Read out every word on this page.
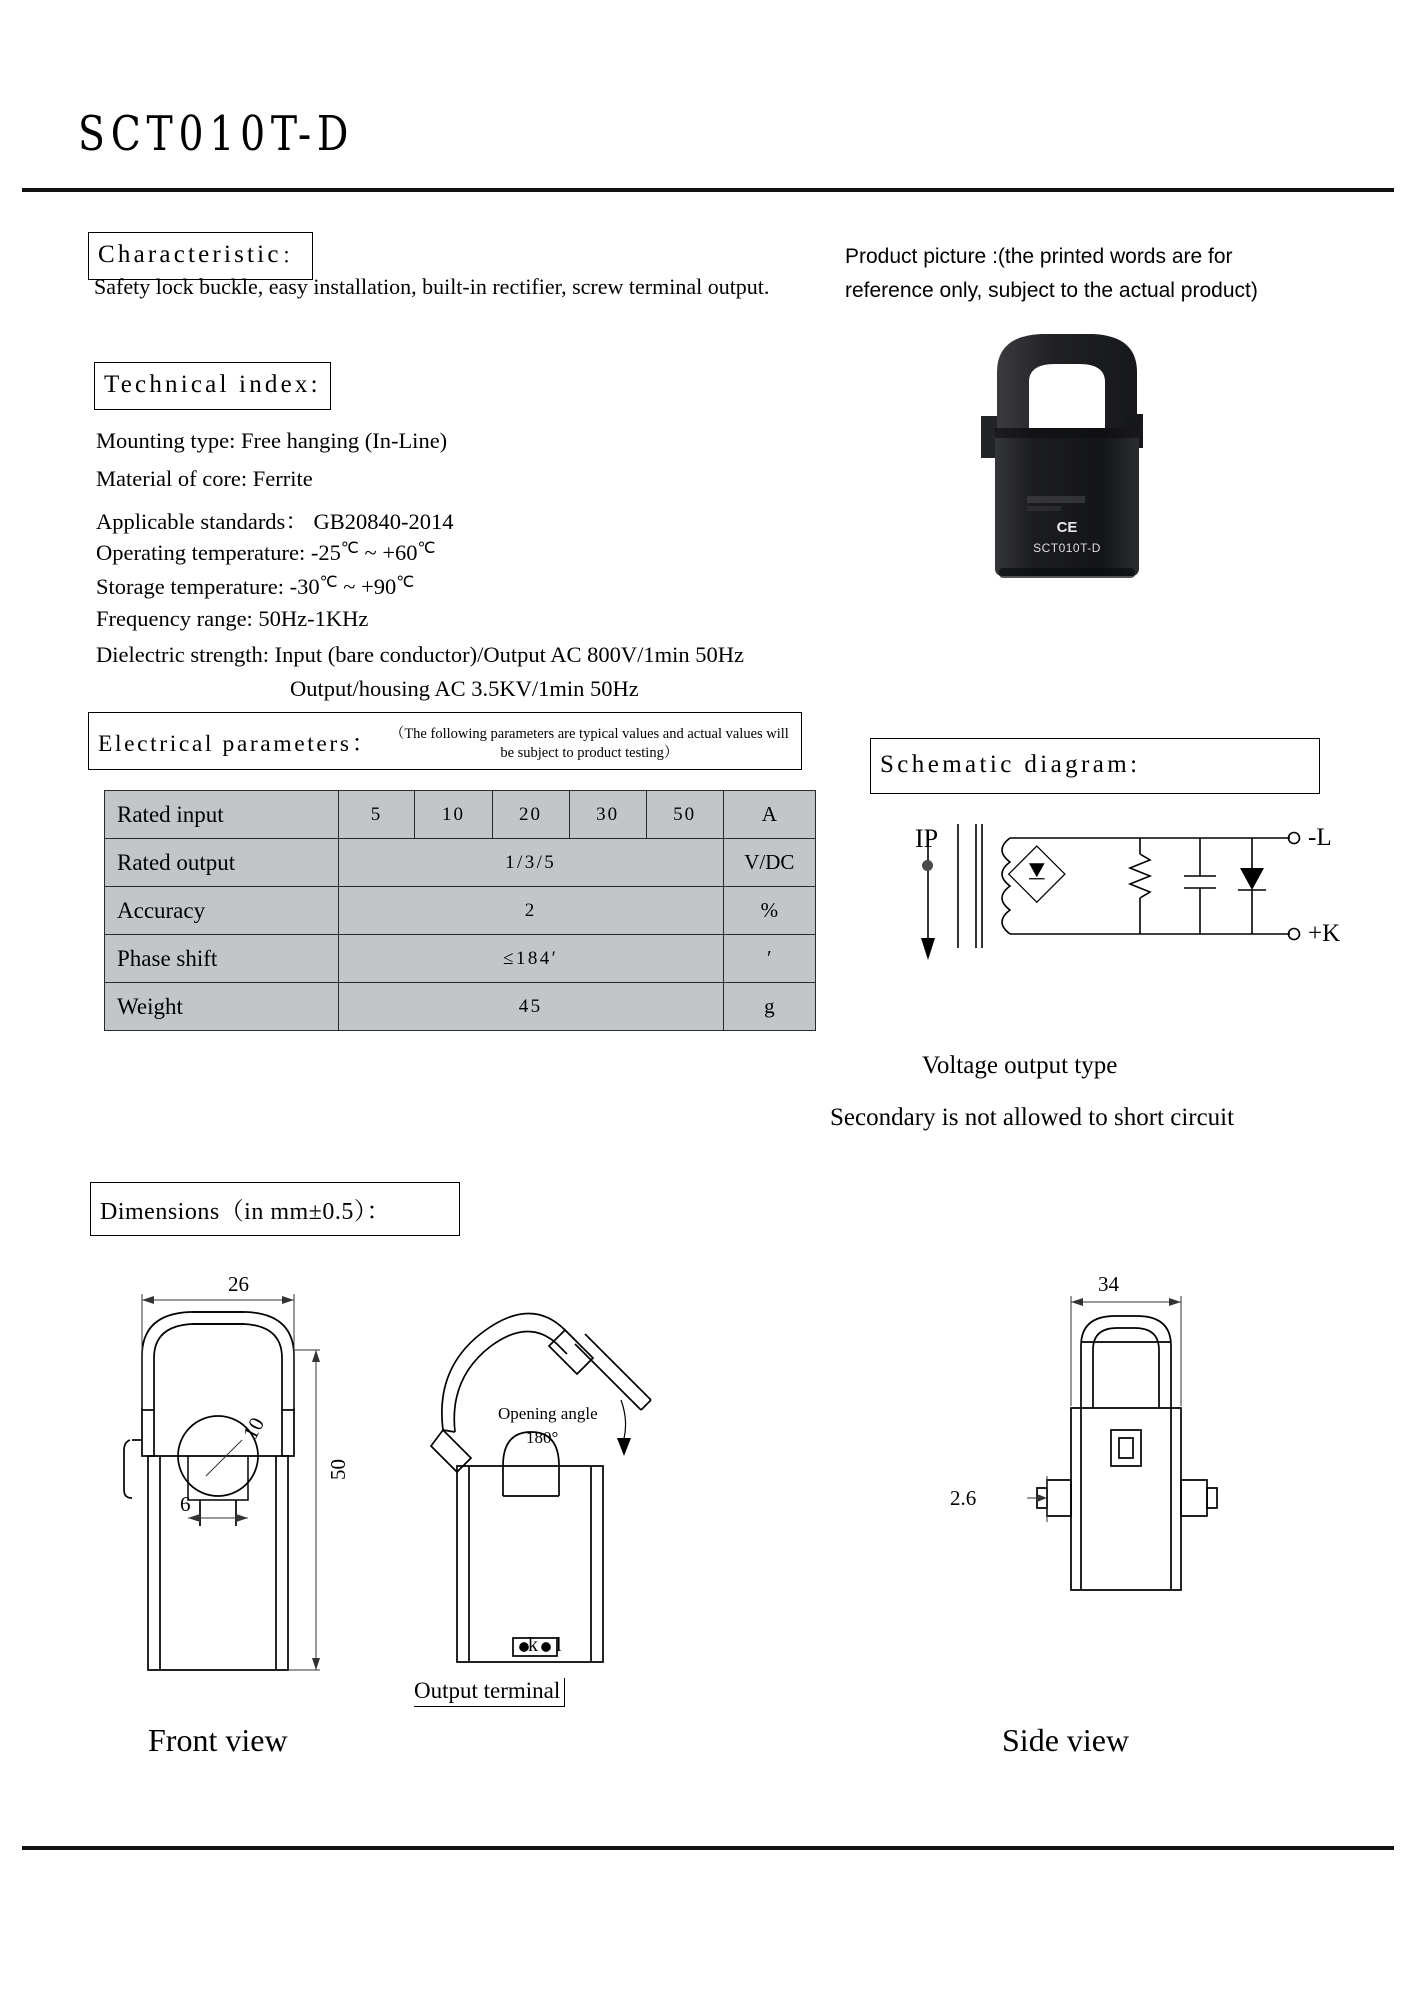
SCT010T-D
Characteristic ：
Safety lock buckle, easy installation, built-in rectifier, screw terminal output.
Technical index:
Mounting type: Free hanging (In-Line)
Material of core: Ferrite
Applicable standards： GB20840-2014
Operating temperature: -25℃ ~ +60℃
Storage temperature: -30℃ ~ +90℃
Frequency range: 50Hz-1KHz
Dielectric strength: Input (bare conductor)/Output AC 800V/1min 50Hz
Output/housing AC 3.5KV/1min 50Hz
Product picture :(the printed words are for
reference only, subject to the actual product)
CE
SCT010T-D
Electrical parameters： （The following parameters are typical values and actual values will be subject to product testing）
Rated input	5	10	20	30	50	A
Rated output	1/3/5					V/DC
Accuracy	2					%
Phase shift	≤184′					′
Weight	45					g
Schematic diagram:
IP	-L
+K
Voltage output type
Secondary is not allowed to short circuit
Dimensions（in mm±0.5）：
26
50
10
6
Front view
Opening angle
180°
k l
Output terminal
34
2.6
Side view
